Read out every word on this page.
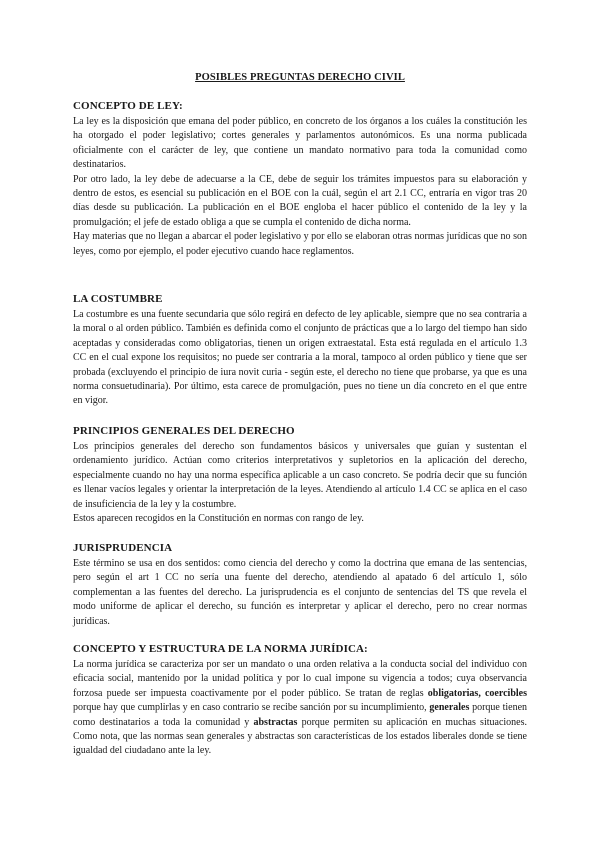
POSIBLES PREGUNTAS DERECHO CIVIL
CONCEPTO DE LEY:

La ley es la disposición que emana del poder público, en concreto de los órganos a los cuáles la constitución les ha otorgado el poder legislativo; cortes generales y parlamentos autonómicos. Es una norma publicada oficialmente con el carácter de ley, que contiene un mandato normativo para toda la comunidad como destinatarios.

Por otro lado, la ley debe de adecuarse a la CE, debe de seguir los trámites impuestos para su elaboración y dentro de estos, es esencial su publicación en el BOE con la cuál, según el art 2.1 CC, entraría en vigor tras 20 días desde su publicación. La publicación en el BOE engloba el hacer público el contenido de la ley y la promulgación; el jefe de estado obliga a que se cumpla el contenido de dicha norma.

Hay materias que no llegan a abarcar el poder legislativo y por ello se elaboran otras normas jurídicas que no son leyes, como por ejemplo, el poder ejecutivo cuando hace reglamentos.

LA COSTUMBRE

La costumbre es una fuente secundaria que sólo regirá en defecto de ley aplicable, siempre que no sea contraria a la moral o al orden público. También es definida como el conjunto de prácticas que a lo largo del tiempo han sido aceptadas y consideradas como obligatorias, tienen un origen extraestatal. Esta está regulada en el artículo 1.3 CC en el cual expone los requisitos; no puede ser contraria a la moral, tampoco al orden público y tiene que ser probada (excluyendo el principio de iura novit curia - según este, el derecho no tiene que probarse, ya que es una norma consuetudinaria). Por último, esta carece de promulgación, pues no tiene un día concreto en el que entre en vigor.

PRINCIPIOS GENERALES DEL DERECHO

Los principios generales del derecho son fundamentos básicos y universales que guían y sustentan el ordenamiento jurídico. Actúan como criterios interpretativos y supletorios en la aplicación del derecho, especialmente cuando no hay una norma específica aplicable a un caso concreto. Se podría decir que su función es llenar vacíos legales y orientar la interpretación de la leyes. Atendiendo al artículo 1.4 CC se aplica en el caso de insuficiencia de la ley y la costumbre.

Estos aparecen recogidos en la Constitución en normas con rango de ley.

JURISPRUDENCIA

Este término se usa en dos sentidos: como ciencia del derecho y como la doctrina que emana de las sentencias, pero según el art 1 CC no sería una fuente del derecho, atendiendo al apatado 6 del artículo 1, sólo complementan a las fuentes del derecho. La jurisprudencia es el conjunto de sentencias del TS que revela el modo uniforme de aplicar el derecho, su función es interpretar y aplicar el derecho, pero no crear normas jurídicas.

CONCEPTO Y ESTRUCTURA DE LA NORMA JURÍDICA:

La norma jurídica se caracteriza por ser un mandato o una orden relativa a la conducta social del individuo con eficacia social, mantenido por la unidad política y por lo cual impone su vigencia a todos; cuya observancia forzosa puede ser impuesta coactivamente por el poder público. Se tratan de reglas obligatorias, coercibles porque hay que cumplirlas y en caso contrario se recibe sanción por su incumplimiento, generales porque tienen como destinatarios a toda la comunidad y abstractas porque permiten su aplicación en muchas situaciones. Como nota, que las normas sean generales y abstractas son características de los estados liberales donde se tiene igualdad del ciudadano ante la ley.
